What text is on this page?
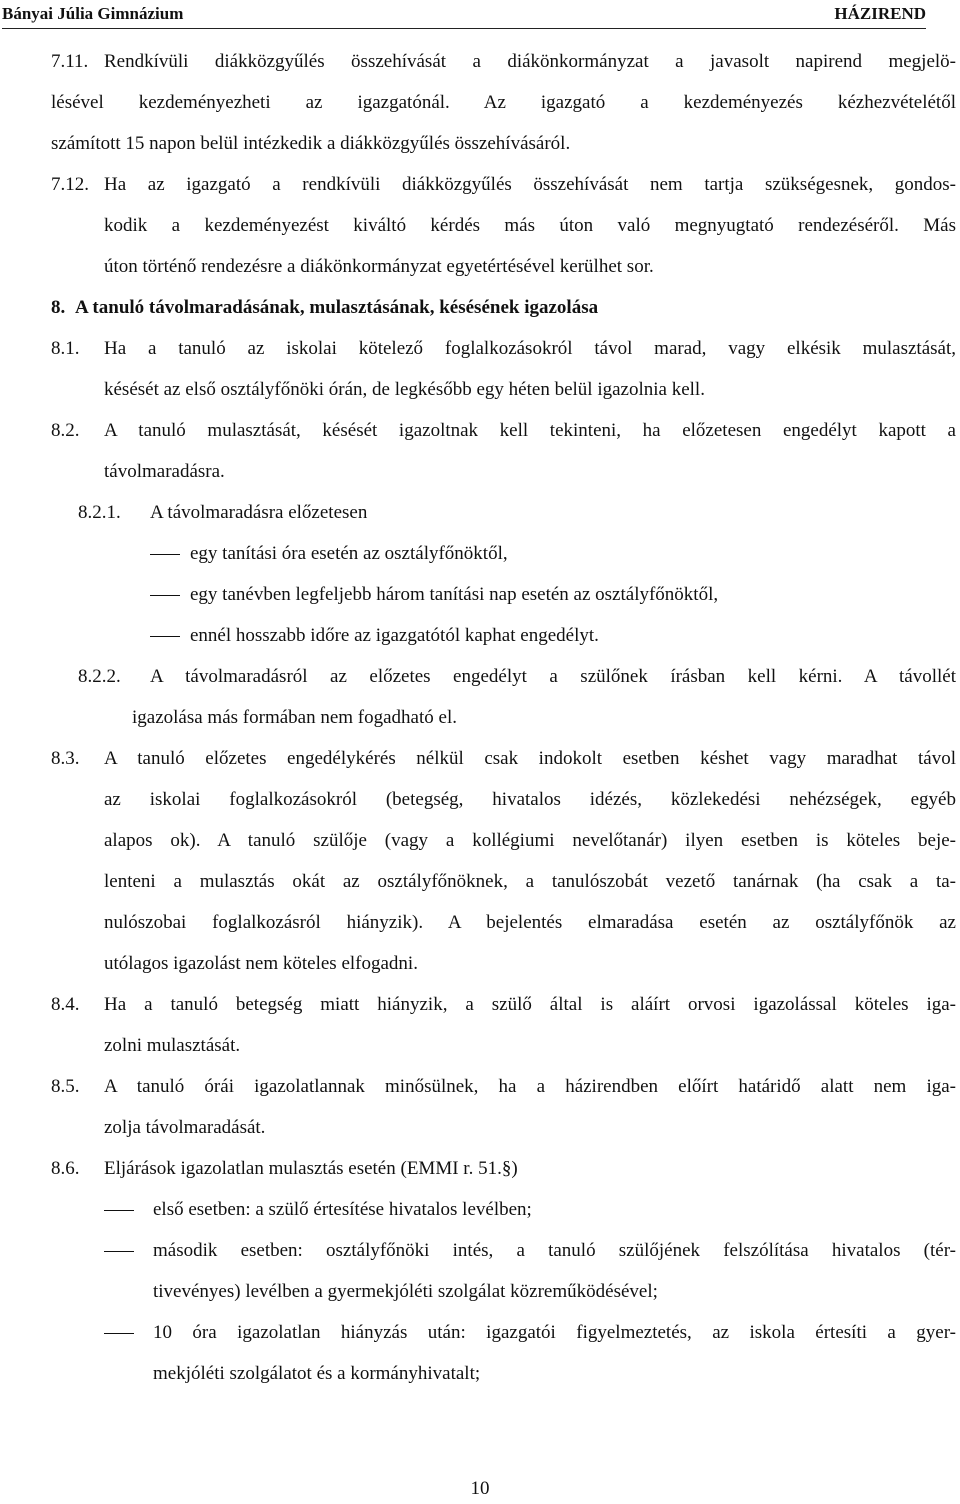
Bányai Júlia Gimnázium	HÁZIREND
7.11. Rendkívüli diákközgyűlés összehívását a diákönkormányzat a javasolt napirend megjelö-
lésével kezdeményezheti az igazgatónál. Az igazgató a kezdeményezés kézhezvételétől
számított 15 napon belül intézkedik a diákközgyűlés összehívásáról.
7.12. Ha az igazgató a rendkívüli diákközgyűlés összehívását nem tartja szükségesnek, gondos-
kodik a kezdeményezést kiváltó kérdés más úton való megnyugtató rendezéséről. Más
úton történő rendezésre a diákönkormányzat egyetértésével kerülhet sor.
8. A tanuló távolmaradásának, mulasztásának, késésének igazolása
8.1. Ha a tanuló az iskolai kötelező foglalkozásokról távol marad, vagy elkésik mulasztását,
késését az első osztályfőnöki órán, de legkésőbb egy héten belül igazolnia kell.
8.2. A tanuló mulasztását, késését igazoltnak kell tekinteni, ha előzetesen engedélyt kapott a
távolmaradásra.
8.2.1. A távolmaradásra előzetesen
egy tanítási óra esetén az osztályfőnöktől,
egy tanévben legfeljebb három tanítási nap esetén az osztályfőnöktől,
ennél hosszabb időre az igazgatótól kaphat engedélyt.
8.2.2. A távolmaradásról az előzetes engedélyt a szülőnek írásban kell kérni. A távollét
igazolása más formában nem fogadható el.
8.3. A tanuló előzetes engedélykérés nélkül csak indokolt esetben késhet vagy maradhat távol
az iskolai foglalkozásokról (betegség, hivatalos idézés, közlekedési nehézségek, egyéb
alapos ok). A tanuló szülője (vagy a kollégiumi nevelőtanár) ilyen esetben is köteles beje-
lenteni a mulasztás okát az osztályfőnöknek, a tanulószobát vezető tanárnak (ha csak a ta-
nulószobai foglalkozásról hiányzik). A bejelentés elmaradása esetén az osztályfőnök az
utólagos igazolást nem köteles elfogadni.
8.4. Ha a tanuló betegség miatt hiányzik, a szülő által is aláírt orvosi igazolással köteles iga-
zolni mulasztását.
8.5. A tanuló órái igazolatlannak minősülnek, ha a házirendben előírt határidő alatt nem iga-
zolja távolmaradását.
8.6. Eljárások igazolatlan mulasztás esetén (EMMI r. 51.§)
első esetben: a szülő értesítése hivatalos levélben;
második esetben: osztályfőnöki intés, a tanuló szülőjének felszólítása hivatalos (tér-
tivevényes) levélben a gyermekjóléti szolgálat közreműködésével;
10 óra igazolatlan hiányzás után: igazgatói figyelmeztetés, az iskola értesíti a gyer-
mekjóléti szolgálatot és a kormányhivatalt;
10
